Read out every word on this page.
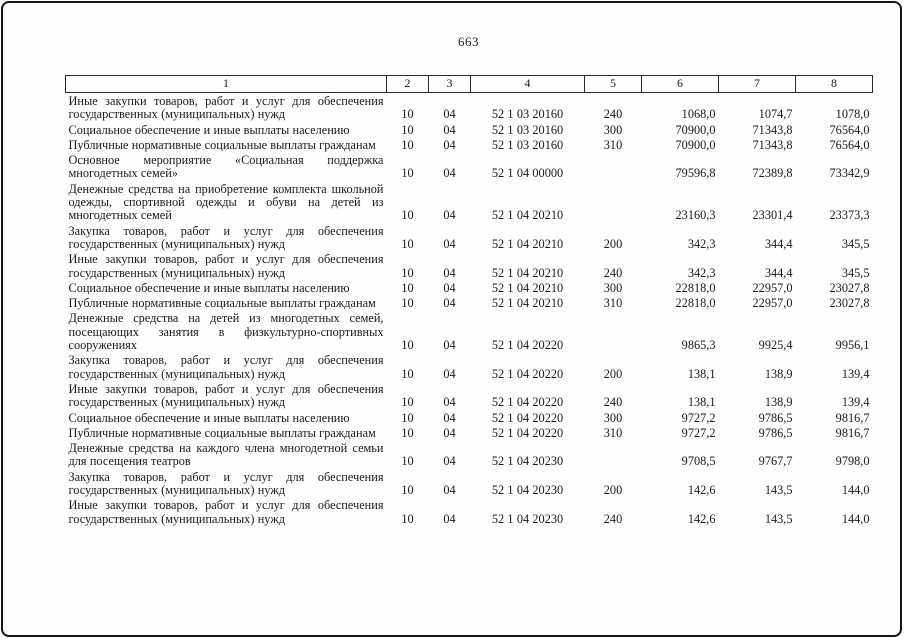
663
1	2	3	4	5	6	7	8
Иные закупки товаров, работ и услуг для обеспечения государственных (муниципальных) нужд	10	04	52 1 03 20160	240	1068,0	1074,7	1078,0
Социальное обеспечение и иные выплаты населению	10	04	52 1 03 20160	300	70900,0	71343,8	76564,0
Публичные нормативные социальные выплаты гражданам	10	04	52 1 03 20160	310	70900,0	71343,8	76564,0
Основное мероприятие «Социальная поддержка многодетных семей»	10	04	52 1 04 00000		79596,8	72389,8	73342,9
Денежные средства на приобретение комплекта школьной одежды, спортивной одежды и обуви на детей из многодетных семей	10	04	52 1 04 20210		23160,3	23301,4	23373,3
Закупка товаров, работ и услуг для обеспечения государственных (муниципальных) нужд	10	04	52 1 04 20210	200	342,3	344,4	345,5
Иные закупки товаров, работ и услуг для обеспечения государственных (муниципальных) нужд	10	04	52 1 04 20210	240	342,3	344,4	345,5
Социальное обеспечение и иные выплаты населению	10	04	52 1 04 20210	300	22818,0	22957,0	23027,8
Публичные нормативные социальные выплаты гражданам	10	04	52 1 04 20210	310	22818,0	22957,0	23027,8
Денежные средства на детей из многодетных семей, посещающих занятия в физкультурно-спортивных сооружениях	10	04	52 1 04 20220		9865,3	9925,4	9956,1
Закупка товаров, работ и услуг для обеспечения государственных (муниципальных) нужд	10	04	52 1 04 20220	200	138,1	138,9	139,4
Иные закупки товаров, работ и услуг для обеспечения государственных (муниципальных) нужд	10	04	52 1 04 20220	240	138,1	138,9	139,4
Социальное обеспечение и иные выплаты населению	10	04	52 1 04 20220	300	9727,2	9786,5	9816,7
Публичные нормативные социальные выплаты гражданам	10	04	52 1 04 20220	310	9727,2	9786,5	9816,7
Денежные средства на каждого члена многодетной семьи для посещения театров	10	04	52 1 04 20230		9708,5	9767,7	9798,0
Закупка товаров, работ и услуг для обеспечения государственных (муниципальных) нужд	10	04	52 1 04 20230	200	142,6	143,5	144,0
Иные закупки товаров, работ и услуг для обеспечения государственных (муниципальных) нужд	10	04	52 1 04 20230	240	142,6	143,5	144,0
